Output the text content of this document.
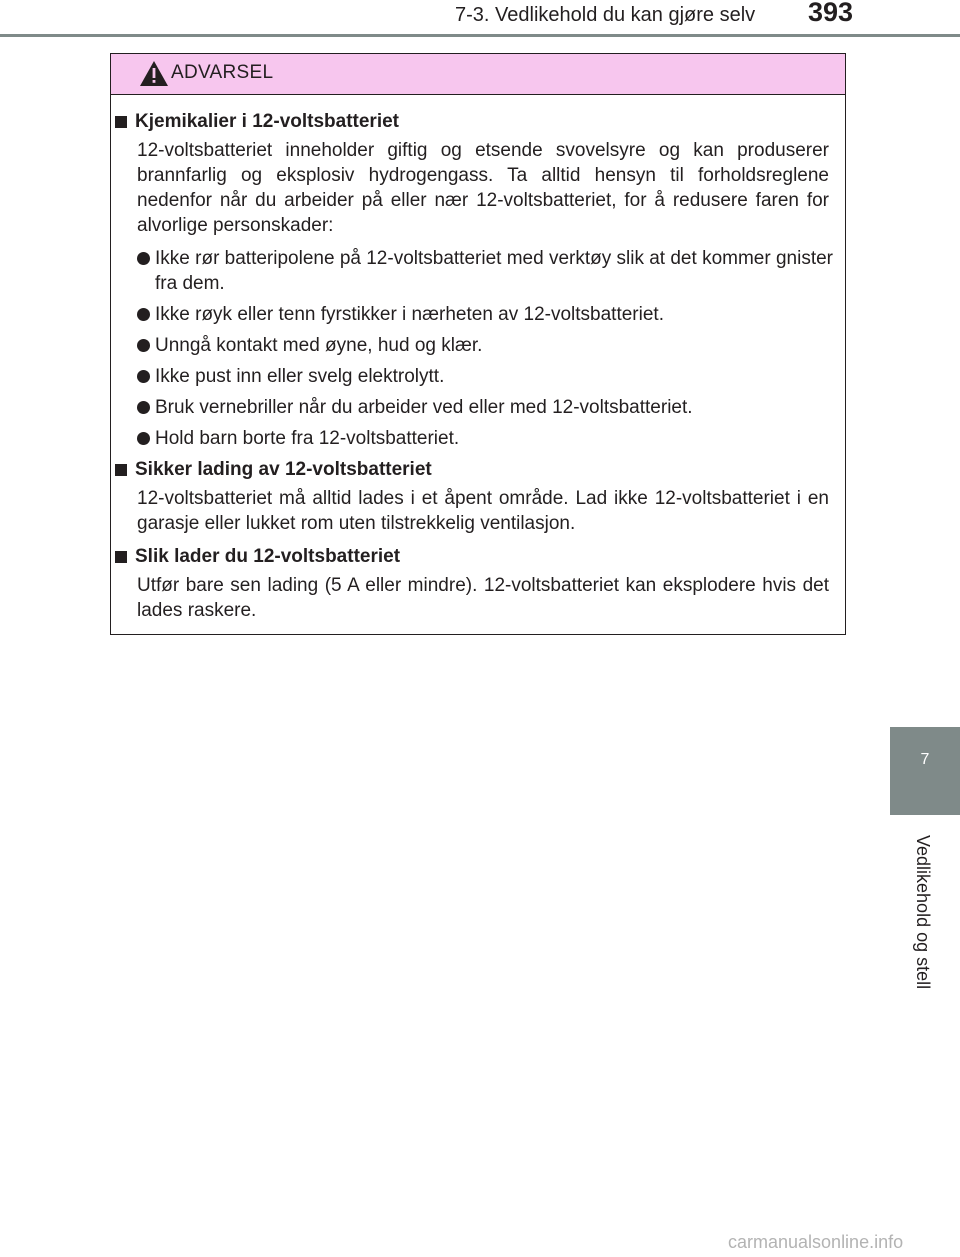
7-3. Vedlikehold du kan gjøre selv 393
7
Vedlikehold og stell
ADVARSEL
Kjemikalier i 12-voltsbatteriet
12-voltsbatteriet inneholder giftig og etsende svovelsyre og kan produserer brannfarlig og eksplosiv hydrogengass. Ta alltid hensyn til forholdsreglene nedenfor når du arbeider på eller nær 12-voltsbatteriet, for å redusere faren for alvorlige personskader:
Ikke rør batteripolene på 12-voltsbatteriet med verktøy slik at det kommer gnister fra dem.
Ikke røyk eller tenn fyrstikker i nærheten av 12-voltsbatteriet.
Unngå kontakt med øyne, hud og klær.
Ikke pust inn eller svelg elektrolytt.
Bruk vernebriller når du arbeider ved eller med 12-voltsbatteriet.
Hold barn borte fra 12-voltsbatteriet.
Sikker lading av 12-voltsbatteriet
12-voltsbatteriet må alltid lades i et åpent område. Lad ikke 12-voltsbatteriet i en garasje eller lukket rom uten tilstrekkelig ventilasjon.
Slik lader du 12-voltsbatteriet
Utfør bare sen lading (5 A eller mindre). 12-voltsbatteriet kan eksplodere hvis det lades raskere.
carmanualsonline.info
